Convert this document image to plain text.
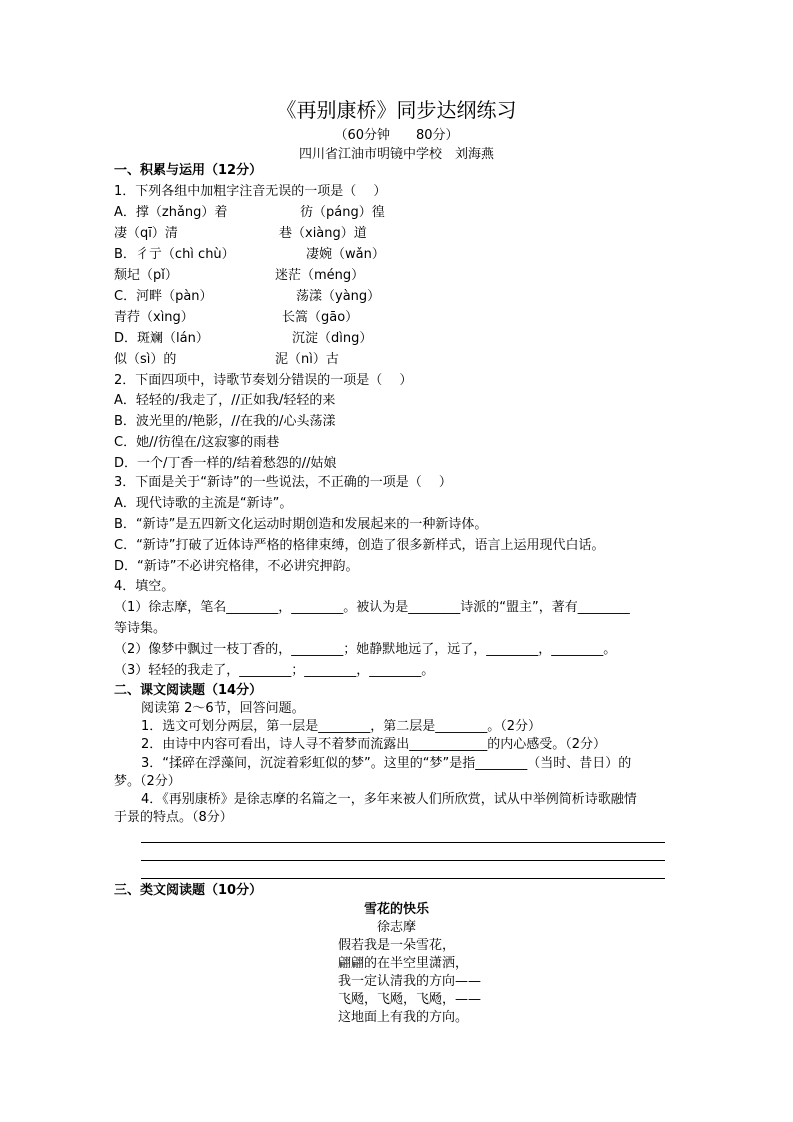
《再别康桥》同步达纲练习
（60分钟　　80分）
四川省江油市明镜中学校　刘海燕
一、积累与运用（12分）
1．下列各组中加粗字注音无误的一项是（　 ）
A．撑（zhǎng）着	彷（páng）徨
凄（qī）清	巷（xiàng）道
B．彳亍（chì chù）	凄婉（wǎn）
颓圮（pǐ）	迷茫（méng）
C．河畔（pàn）	荡漾（yàng）
青荇（xìng）	长篙（gāo）
D．斑斓（lán）	沉淀（dìng）
似（sì）的	泥（nì）古
2．下面四项中，诗歌节奏划分错误的一项是（　 ）
A．轻轻的/我走了，//正如我/轻轻的来
B．波光里的/艳影，//在我的/心头荡漾
C．她//彷徨在/这寂寥的雨巷
D．一个/丁香一样的/结着愁怨的//姑娘
3．下面是关于“新诗”的一些说法，不正确的一项是（　 ）
A．现代诗歌的主流是“新诗”。
B．“新诗”是五四新文化运动时期创造和发展起来的一种新诗体。
C．“新诗”打破了近体诗严格的格律束缚，创造了很多新样式，语言上运用现代白话。
D．“新诗”不必讲究格律，不必讲究押韵。
4．填空。
（1）徐志摩，笔名________，________。被认为是________诗派的“盟主”，著有________
等诗集。
（2）像梦中飘过一枝丁香的，________；她静默地远了，远了，________，________。
（3）轻轻的我走了，________；________，________。
二、课文阅读题（14分）
阅读第 2～6节，回答问题。
1．选文可划分两层，第一层是________，第二层是________。（2分）
2．由诗中内容可看出，诗人寻不着梦而流露出____________的内心感受。（2分）
3．“揉碎在浮藻间，沉淀着彩虹似的梦”。这里的“梦”是指________（当时、昔日）的
梦。（2分）
4．《再别康桥》是徐志摩的名篇之一，多年来被人们所欣赏，试从中举例简析诗歌融情
于景的特点。（8分）
三、类文阅读题（10分）
雪花的快乐
徐志摩
假若我是一朵雪花，
翩翩的在半空里潇洒，
我一定认清我的方向——
飞飏，飞飏，飞飏，——
这地面上有我的方向。
